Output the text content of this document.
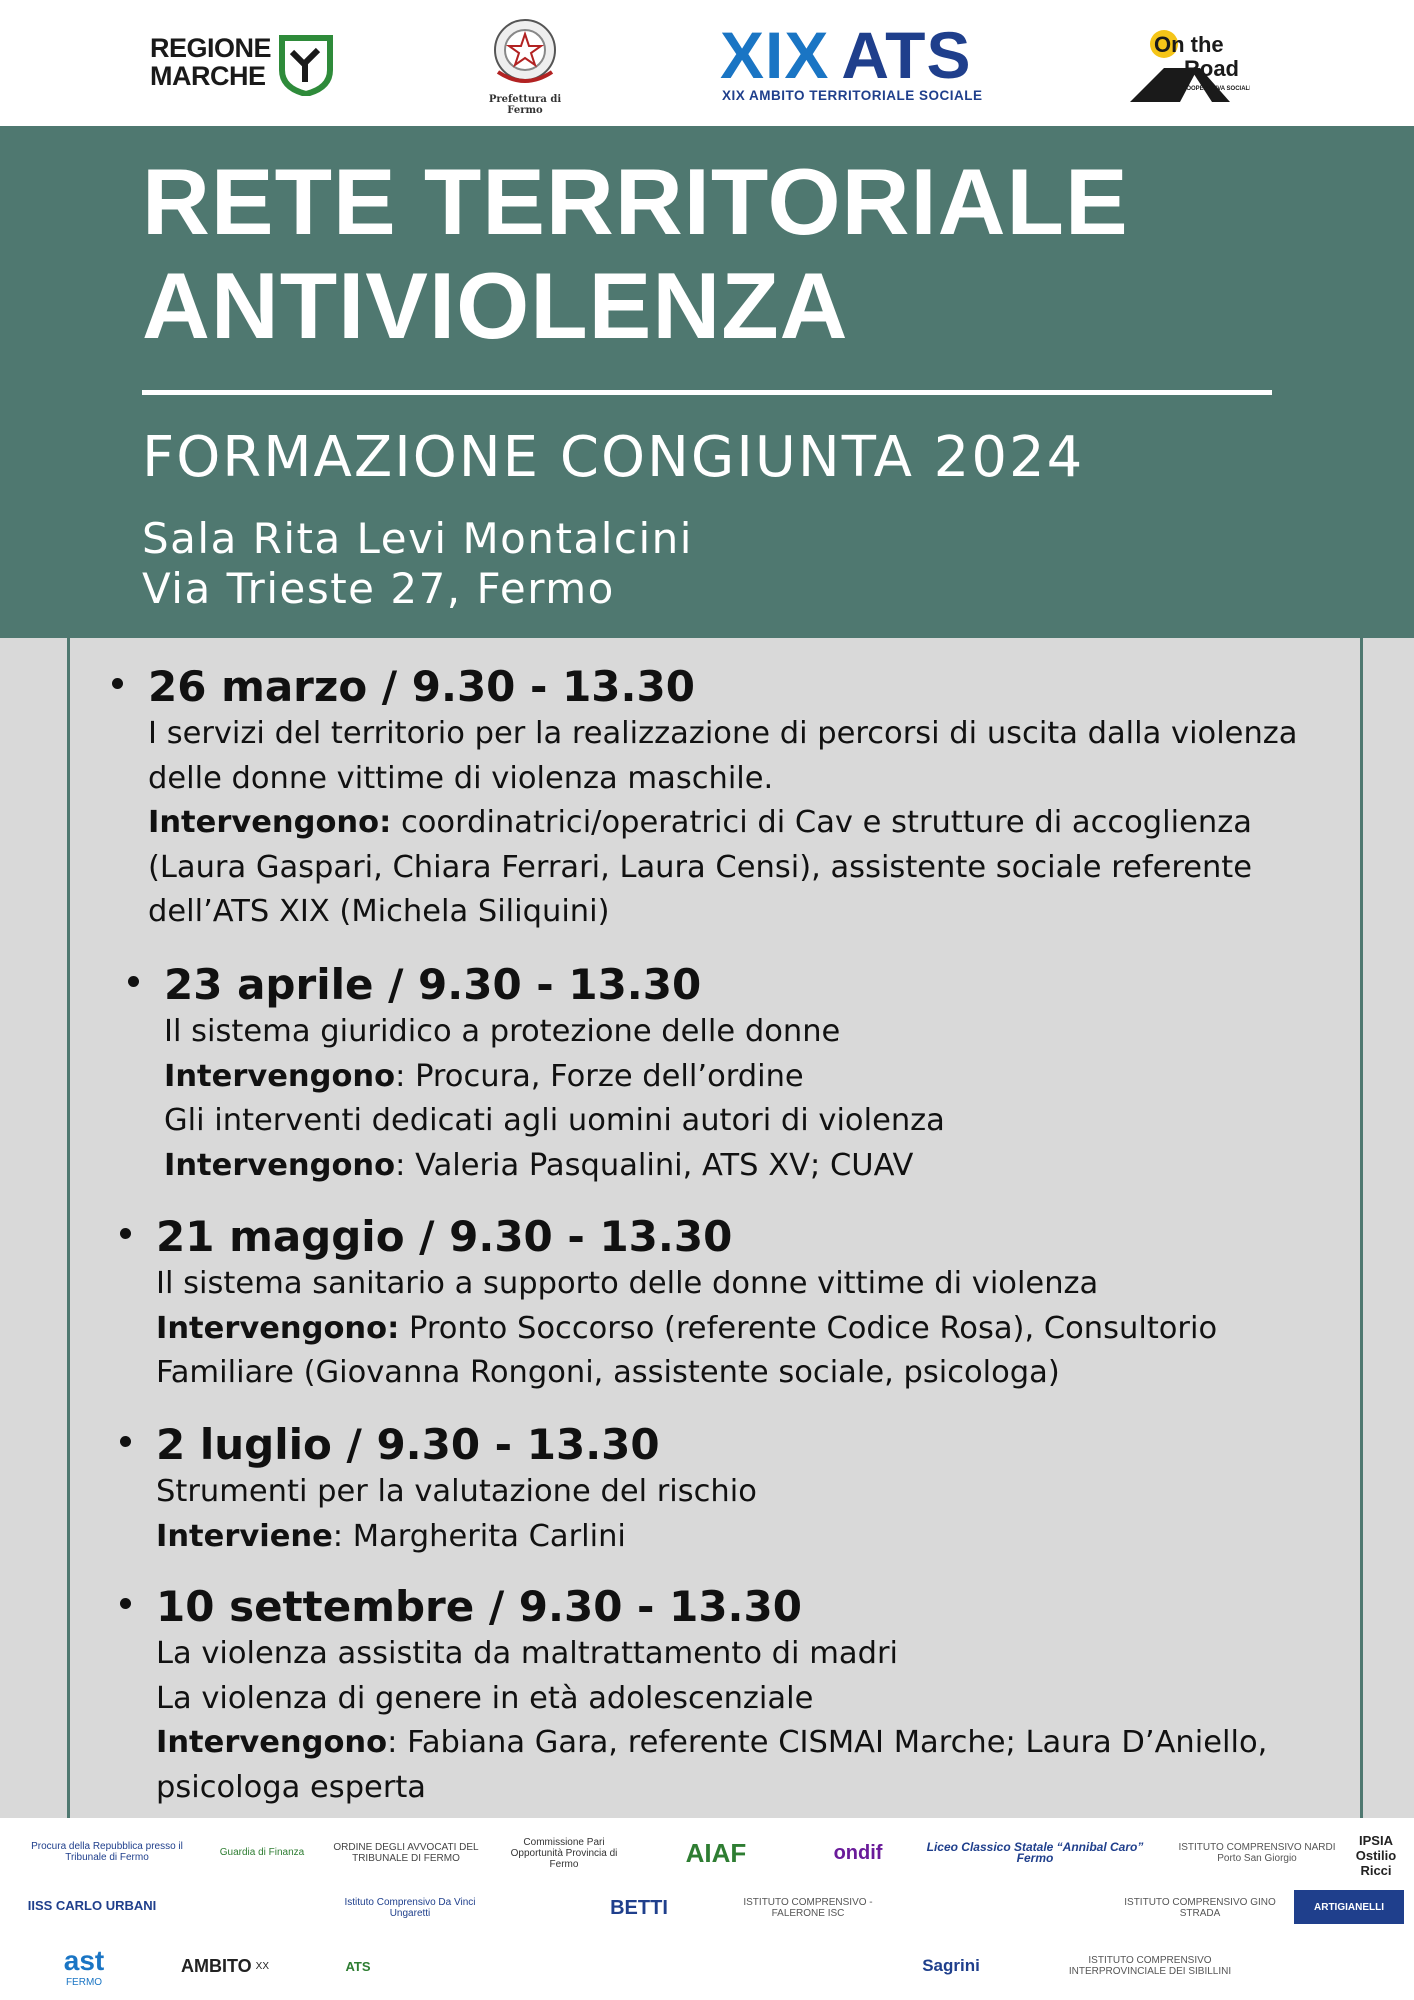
REGIONE
MARCHE
Prefettura di Fermo
XIX ATS
XIX AMBITO TERRITORIALE SOCIALE
On the
Road
COOPERATIVA SOCIALE
RETE TERRITORIALE
ANTIVIOLENZA
FORMAZIONE CONGIUNTA 2024
Sala Rita Levi Montalcini
Via Trieste 27, Fermo
26 marzo / 9.30 - 13.30
I servizi del territorio per la realizzazione di percorsi di uscita dalla violenza
delle donne vittime di violenza maschile.
Intervengono: coordinatrici/operatrici di Cav e strutture di accoglienza
(Laura Gaspari, Chiara Ferrari, Laura Censi), assistente sociale referente
dell’ATS XIX (Michela Siliquini)
23 aprile / 9.30 - 13.30
Il sistema giuridico a protezione delle donne
Intervengono: Procura, Forze dell’ordine
Gli interventi dedicati agli uomini autori di violenza
Intervengono: Valeria Pasqualini, ATS XV; CUAV
21 maggio / 9.30 - 13.30
Il sistema sanitario a supporto delle donne vittime di violenza
Intervengono: Pronto Soccorso (referente Codice Rosa), Consultorio
Familiare (Giovanna Rongoni, assistente sociale, psicologa)
2 luglio / 9.30 - 13.30
Strumenti per la valutazione del rischio
Interviene: Margherita Carlini
10 settembre / 9.30 - 13.30
La violenza assistita da maltrattamento di madri
La violenza di genere in età adolescenziale
Intervengono: Fabiana Gara, referente CISMAI Marche; Laura D’Aniello,
psicologa esperta
Procura della Repubblica presso il Tribunale di Fermo	Guardia di Finanza	ORDINE DEGLI AVVOCATI DEL TRIBUNALE DI FERMO
Commissione Pari Opportunità Provincia di Fermo	AIAF	ondif	Liceo Classico Statale “Annibal Caro” Fermo
ISTITUTO COMPRENSIVO NARDI Porto San Giorgio
IPSIA Ostilio Ricci
IISS CARLO URBANI	Istituto Comprensivo Da Vinci Ungaretti	BETTI	ISTITUTO COMPRENSIVO - FALERONE ISC
ISTITUTO COMPRENSIVO GINO STRADA
ARTIGIANELLI
ast
FERMO
AMBITO XX	ATS	Sagrini	ISTITUTO COMPRENSIVO INTERPROVINCIALE DEI SIBILLINI
